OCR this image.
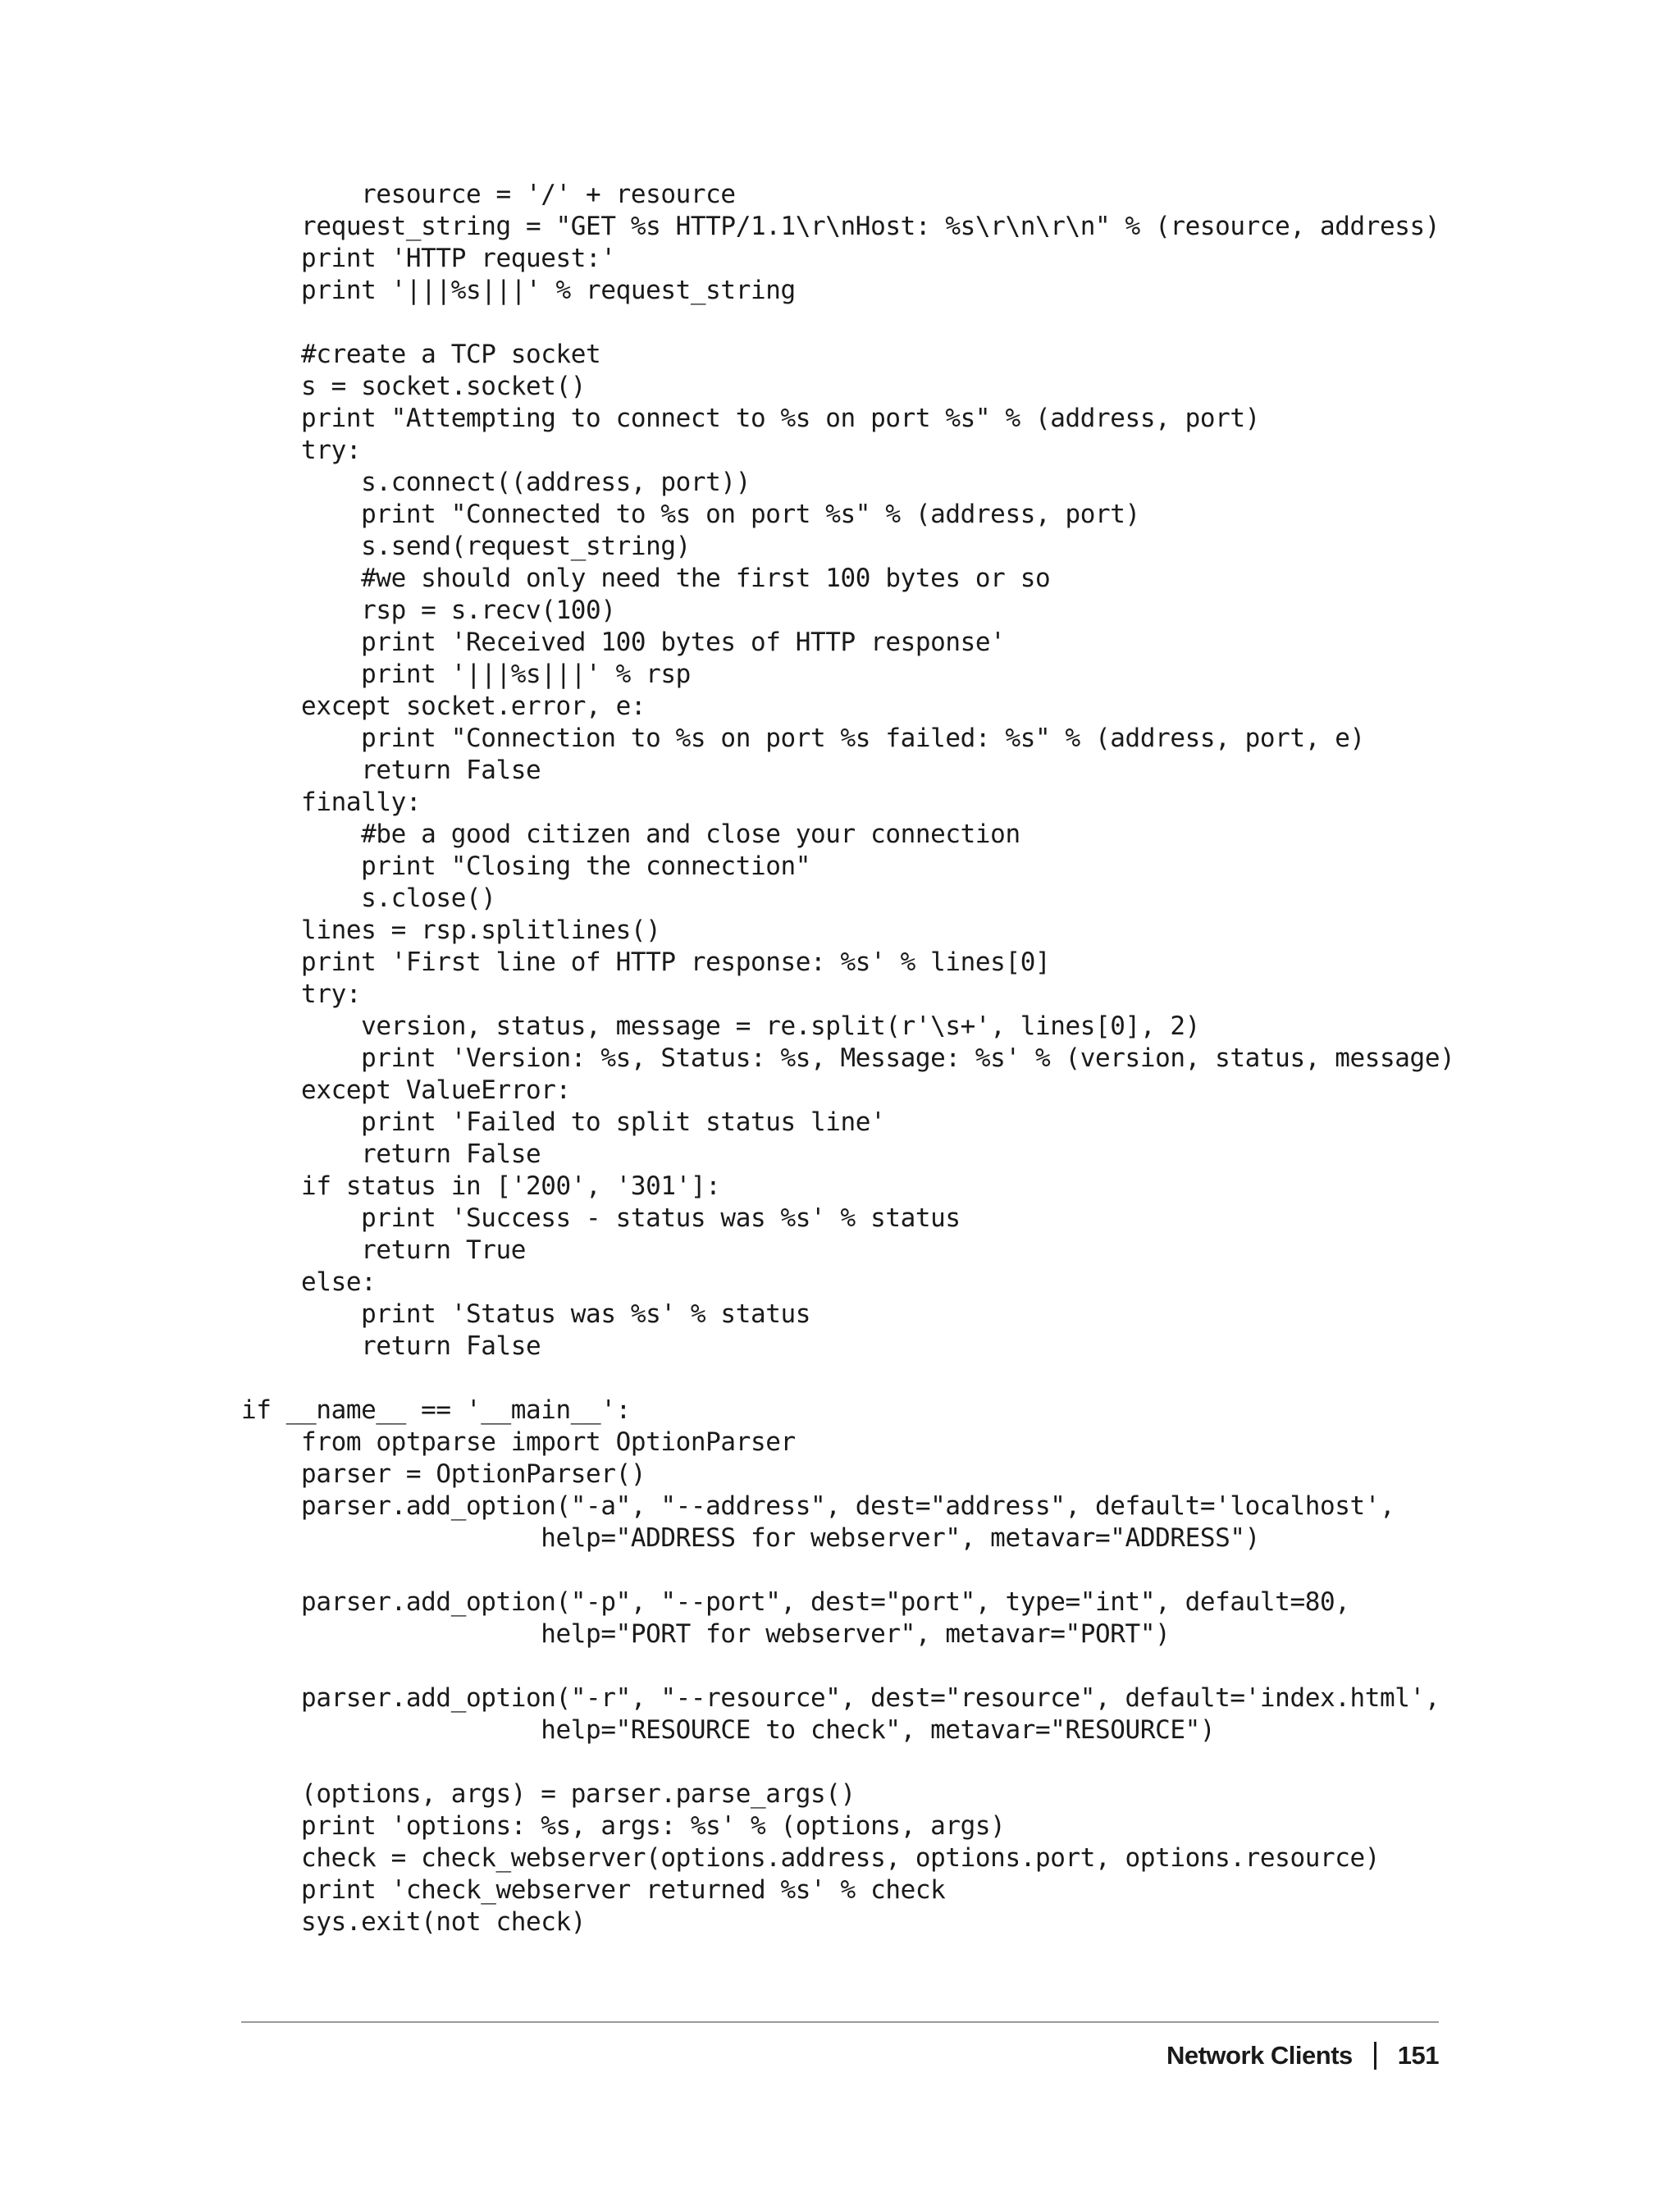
resource = '/' + resource
request_string = "GET %s HTTP/1.1\r\nHost: %s\r\n\r\n" % (resource, address)
print 'HTTP request:'
print '|||%s|||' % request_string
#create a TCP socket
s = socket.socket()
print "Attempting to connect to %s on port %s" % (address, port)
try:
s.connect((address, port))
print "Connected to %s on port %s" % (address, port)
s.send(request_string)
#we should only need the first 100 bytes or so
rsp = s.recv(100)
print 'Received 100 bytes of HTTP response'
print '|||%s|||' % rsp
except socket.error, e:
print "Connection to %s on port %s failed: %s" % (address, port, e)
return False
finally:
#be a good citizen and close your connection
print "Closing the connection"
s.close()
lines = rsp.splitlines()
print 'First line of HTTP response: %s' % lines[0]
try:
version, status, message = re.split(r'\s+', lines[0], 2)
print 'Version: %s, Status: %s, Message: %s' % (version, status, message)
except ValueError:
print 'Failed to split status line'
return False
if status in ['200', '301']:
print 'Success - status was %s' % status
return True
else:
print 'Status was %s' % status
return False
if __name__ == '__main__':
from optparse import OptionParser
parser = OptionParser()
parser.add_option("-a", "--address", dest="address", default='localhost',
help="ADDRESS for webserver", metavar="ADDRESS")
parser.add_option("-p", "--port", dest="port", type="int", default=80,
help="PORT for webserver", metavar="PORT")
parser.add_option("-r", "--resource", dest="resource", default='index.html',
help="RESOURCE to check", metavar="RESOURCE")
(options, args) = parser.parse_args()
print 'options: %s, args: %s' % (options, args)
check = check_webserver(options.address, options.port, options.resource)
print 'check_webserver returned %s' % check
sys.exit(not check)
Network Clients 151
